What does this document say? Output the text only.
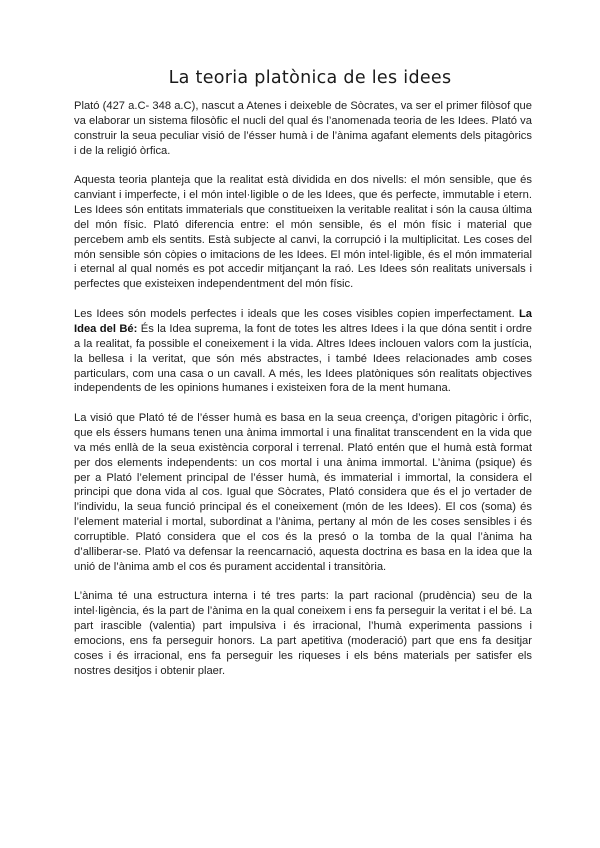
La teoria platònica de les idees

Plató (427 a.C- 348 a.C), nascut a Atenes i deixeble de Sòcrates, va ser el primer filòsof que va elaborar un sistema filosòfic el nucli del qual és l’anomenada teoria de les Idees. Plató va construir la seua peculiar visió de l’ésser humà i de l’ànima agafant elements dels pitagòrics i de la religió òrfica.

Aquesta teoria planteja que la realitat està dividida en dos nivells: el món sensible, que és canviant i imperfecte, i el món intel·ligible o de les Idees, que és perfecte, immutable i etern. Les Idees són entitats immaterials que constitueixen la veritable realitat i són la causa última del món físic. Plató diferencia entre: el món sensible, és el món físic i material que percebem amb els sentits. Està subjecte al canvi, la corrupció i la multiplicitat. Les coses del món sensible són còpies o imitacions de les Idees. El món intel·ligible, és el món immaterial i eternal al qual només es pot accedir mitjançant la raó. Les Idees són realitats universals i perfectes que existeixen independentment del món físic.

Les Idees són models perfectes i ideals que les coses visibles copien imperfectament. La Idea del Bé: És la Idea suprema, la font de totes les altres Idees i la que dóna sentit i ordre a la realitat, fa possible el coneixement i la vida. Altres Idees inclouen valors com la justícia, la bellesa i la veritat, que són més abstractes, i també Idees relacionades amb coses particulars, com una casa o un cavall. A més, les Idees platòniques són realitats objectives independents de les opinions humanes i existeixen fora de la ment humana.

La visió que Plató té de l’ésser humà es basa en la seua creença, d’origen pitagòric i òrfic, que els éssers humans tenen una ànima immortal i una finalitat transcendent en la vida que va més enllà de la seua existència corporal i terrenal. Plató entén que el humà està format per dos elements independents: un cos mortal i una ànima immortal. L’ànima (psique) és per a Plató l’element principal de l’ésser humà, és immaterial i immortal, la considera el principi que dona vida al cos. Igual que Sòcrates, Plató considera que és el jo vertader de l’individu, la seua funció principal és el coneixement (món de les Idees). El cos (soma) és l’element material i mortal, subordinat a l’ànima, pertany al món de les coses sensibles i és corruptible. Plató considera que el cos és la presó o la tomba de la qual l’ànima ha d’alliberar-se. Plató va defensar la reencarnació, aquesta doctrina es basa en la idea que la unió de l’ànima amb el cos és purament accidental i transitòria.

L’ànima té una estructura interna i té tres parts: la part racional (prudència) seu de la intel·ligència, és la part de l’ànima en la qual coneixem i ens fa perseguir la veritat i el bé. La part irascible (valentia) part impulsiva i és irracional, l’humà experimenta passions i emocions, ens fa perseguir honors. La part apetitiva (moderació) part que ens fa desitjar coses i és irracional, ens fa perseguir les riqueses i els béns materials per satisfer els nostres desitjos i obtenir plaer.
